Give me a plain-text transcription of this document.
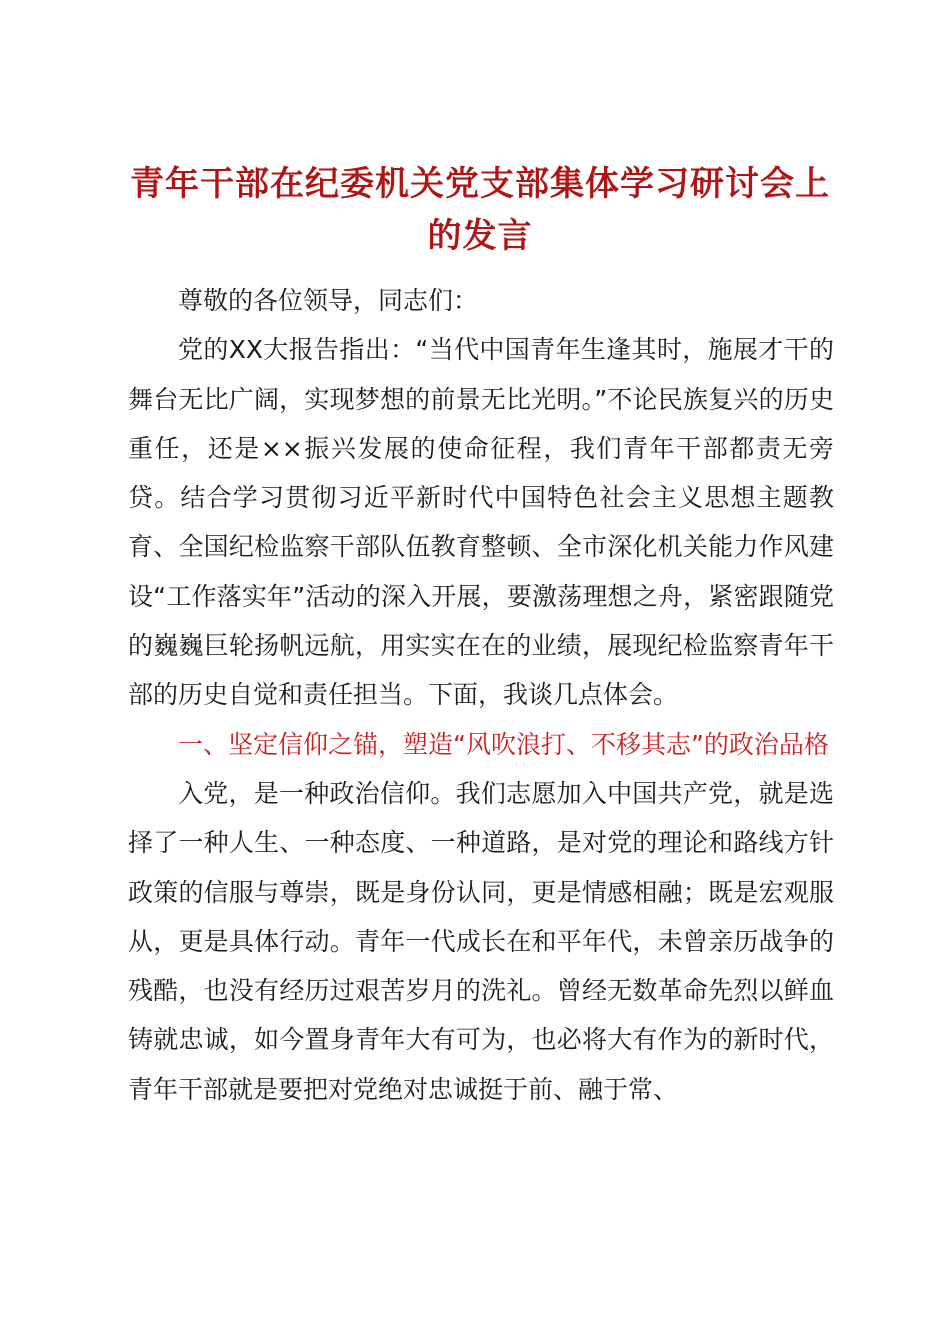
青年干部在纪委机关党支部集体学习研讨会上的发言

尊敬的各位领导，同志们：

党的XX大报告指出：“当代中国青年生逢其时，施展才干的舞台无比广阔，实现梦想的前景无比光明。”不论民族复兴的历史重任，还是××振兴发展的使命征程，我们青年干部都责无旁贷。结合学习贯彻习近平新时代中国特色社会主义思想主题教育、全国纪检监察干部队伍教育整顿、全市深化机关能力作风建设“工作落实年”活动的深入开展，要激荡理想之舟，紧密跟随党的巍巍巨轮扬帆远航，用实实在在的业绩，展现纪检监察青年干部的历史自觉和责任担当。下面，我谈几点体会。

一、坚定信仰之锚，塑造“风吹浪打、不移其志”的政治品格

入党，是一种政治信仰。我们志愿加入中国共产党，就是选择了一种人生、一种态度、一种道路，是对党的理论和路线方针政策的信服与尊崇，既是身份认同，更是情感相融；既是宏观服从，更是具体行动。青年一代成长在和平年代，未曾亲历战争的残酷，也没有经历过艰苦岁月的洗礼。曾经无数革命先烈以鲜血铸就忠诚，如今置身青年大有可为，也必将大有作为的新时代，青年干部就是要把对党绝对忠诚挺于前、融于常、
